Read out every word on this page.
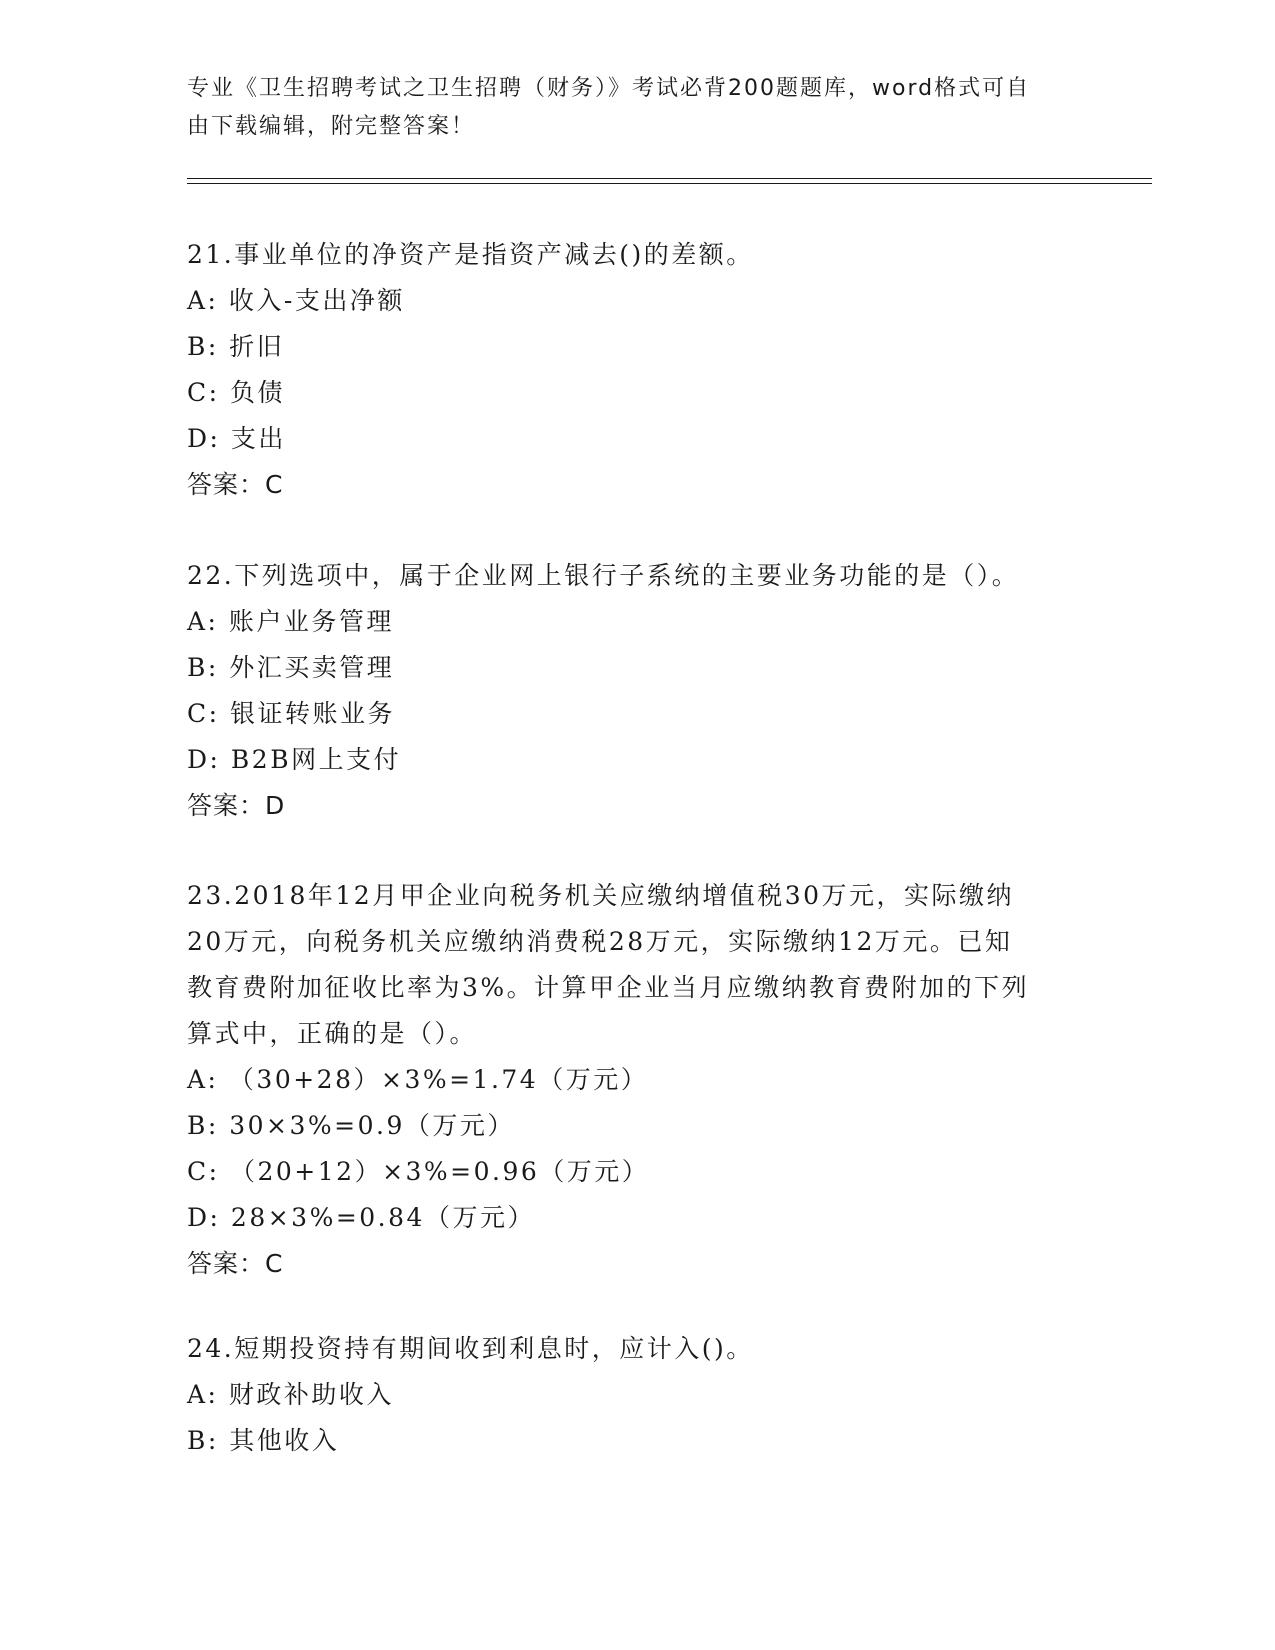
专业《卫生招聘考试之卫生招聘（财务）》考试必背200题题库，word格式可自
由下载编辑，附完整答案！
21.事业单位的净资产是指资产减去()的差额。
A: 收入-支出净额
B: 折旧
C: 负债
D: 支出
答案：C
22.下列选项中，属于企业网上银行子系统的主要业务功能的是（）。
A: 账户业务管理
B: 外汇买卖管理
C: 银证转账业务
D: B2B网上支付
答案：D
23.2018年12月甲企业向税务机关应缴纳增值税30万元，实际缴纳
20万元，向税务机关应缴纳消费税28万元，实际缴纳12万元。已知
教育费附加征收比率为3%。计算甲企业当月应缴纳教育费附加的下列
算式中，正确的是（）。
A: （30+28）×3%=1.74（万元）
B: 30×3%=0.9（万元）
C: （20+12）×3%=0.96（万元）
D: 28×3%=0.84（万元）
答案：C
24.短期投资持有期间收到利息时，应计入()。
A: 财政补助收入
B: 其他收入
